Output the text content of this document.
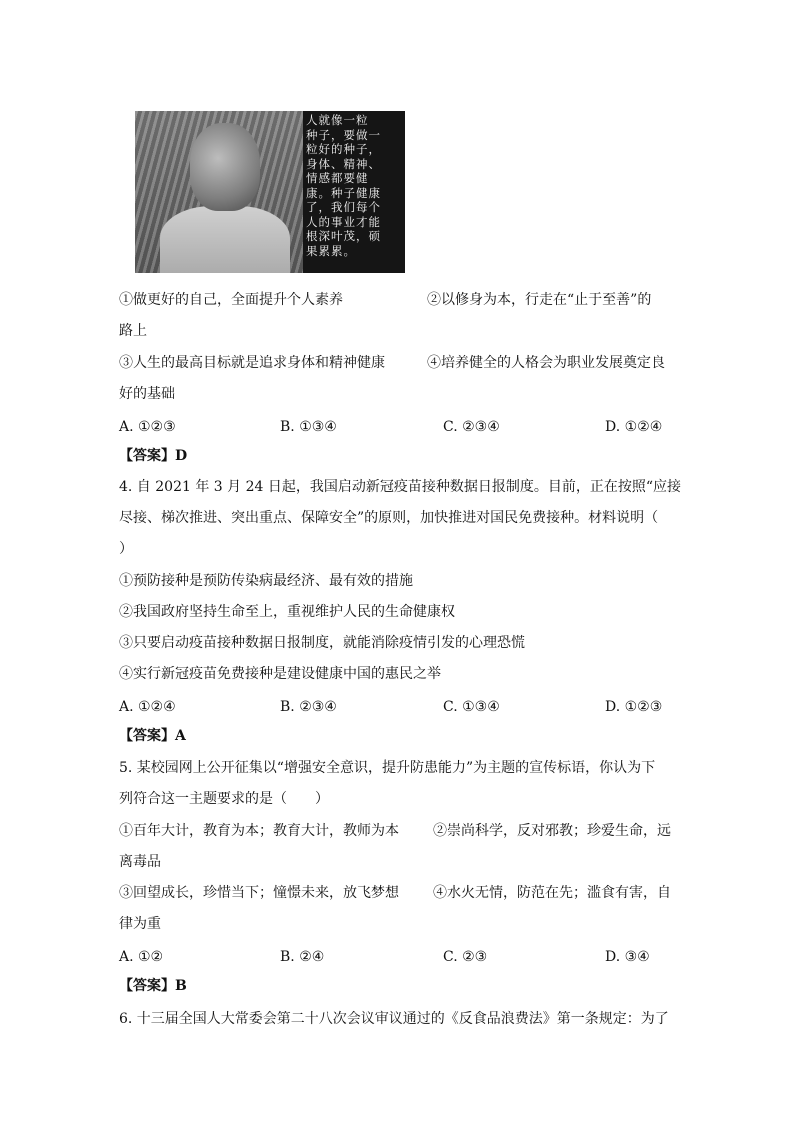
人就像一粒
种子，要做一
粒好的种子，
身体、精神、
情感都要健
康。种子健康
了，我们每个
人的事业才能
根深叶茂，硕
果累累。
①做更好的自己，全面提升个人素养	②以修身为本，行走在“止于至善”的
路上
③人生的最高目标就是追求身体和精神健康	④培养健全的人格会为职业发展奠定良
好的基础
A. ①②③	B. ①③④	C. ②③④	D. ①②④
【答案】D
4. 自 2021 年 3 月 24 日起，我国启动新冠疫苗接种数据日报制度。目前，正在按照“应接
尽接、梯次推进、突出重点、保障安全”的原则，加快推进对国民免费接种。材料说明（
）
①预防接种是预防传染病最经济、最有效的措施
②我国政府坚持生命至上，重视维护人民的生命健康权
③只要启动疫苗接种数据日报制度，就能消除疫情引发的心理恐慌
④实行新冠疫苗免费接种是建设健康中国的惠民之举
A. ①②④	B. ②③④	C. ①③④	D. ①②③
【答案】A
5. 某校园网上公开征集以“增强安全意识，提升防患能力”为主题的宣传标语，你认为下
列符合这一主题要求的是（　　）
①百年大计，教育为本；教育大计，教师为本 ②崇尚科学，反对邪教；珍爱生命，远
离毒品
③回望成长，珍惜当下；憧憬未来，放飞梦想 ④水火无情，防范在先；滥食有害，自
律为重
A. ①②	B. ②④	C. ②③	D. ③④
【答案】B
6. 十三届全国人大常委会第二十八次会议审议通过的《反食品浪费法》第一条规定：为了
